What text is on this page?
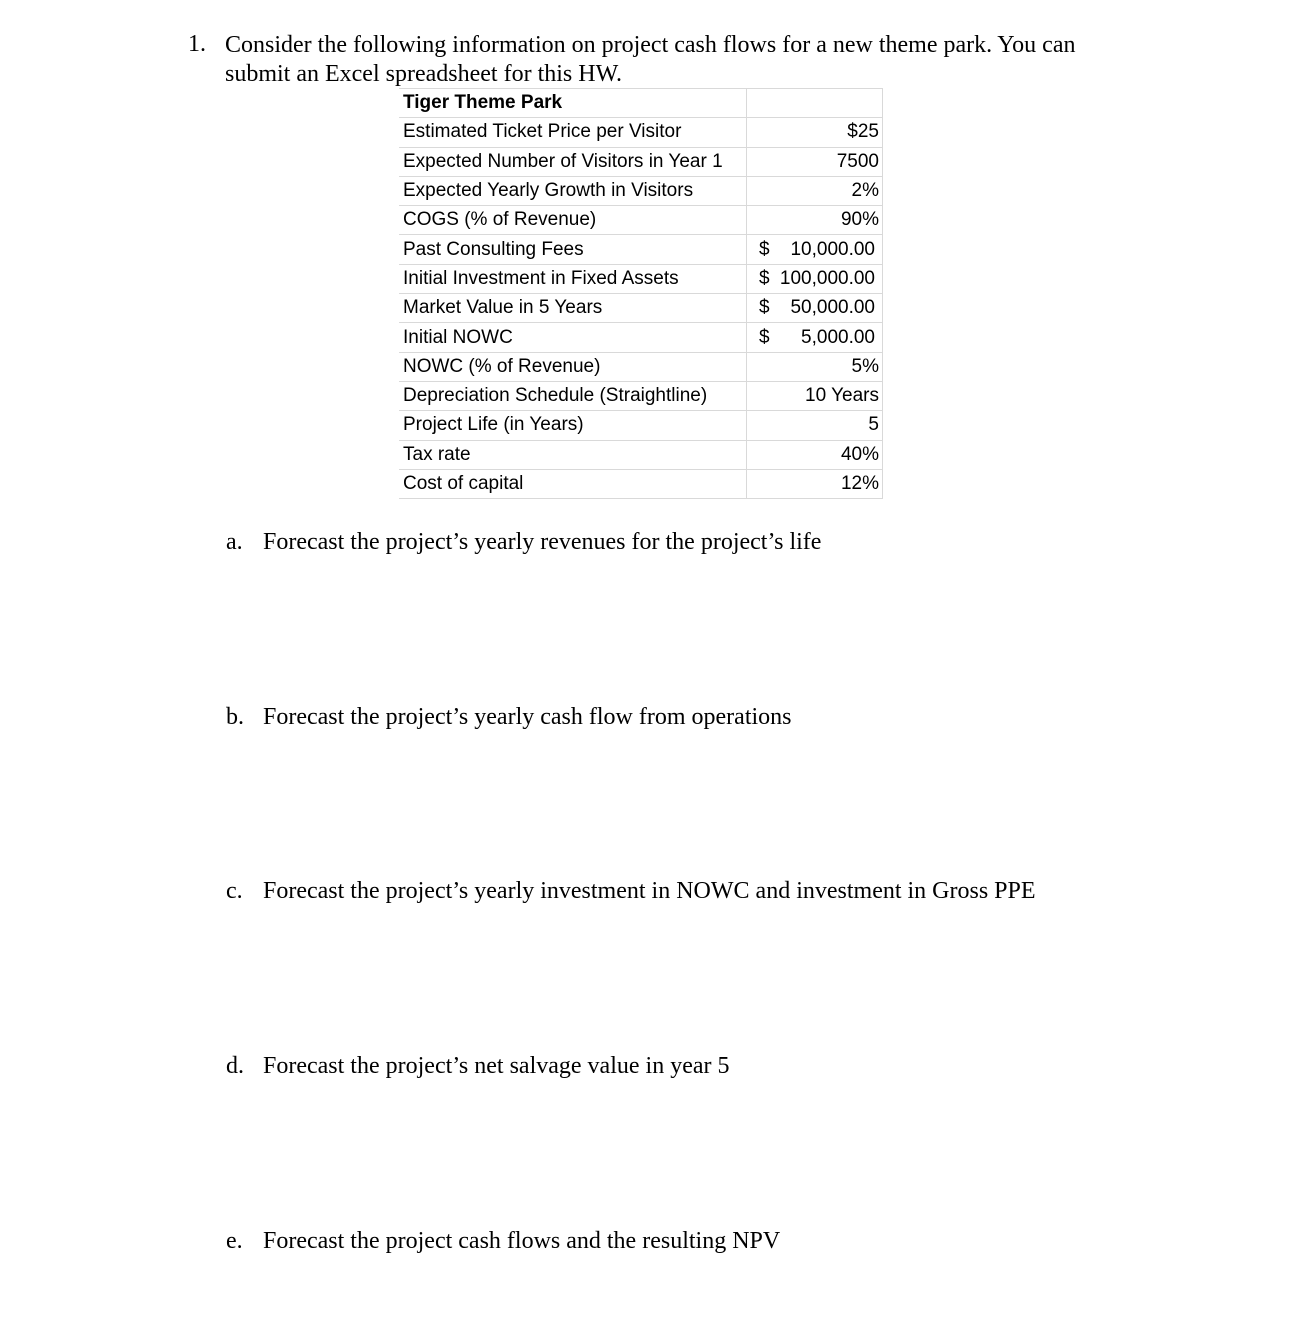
1. Consider the following information on project cash flows for a new theme park. You can submit an Excel spreadsheet for this HW.
Tiger Theme Park	
Estimated Ticket Price per Visitor	$25
Expected Number of Visitors in Year 1	7500
Expected Yearly Growth in Visitors	2%
COGS (% of Revenue)	90%
Past Consulting Fees	$ 10,000.00

Initial Investment in Fixed Assets	$ 100,000.00

Market Value in 5 Years	$ 50,000.00

Initial NOWC	$ 5,000.00

NOWC (% of Revenue)	5%
Depreciation Schedule (Straightline)	10 Years
Project Life (in Years)	5
Tax rate	40%
Cost of capital	12%
a. Forecast the project’s yearly revenues for the project’s life
b. Forecast the project’s yearly cash flow from operations
c. Forecast the project’s yearly investment in NOWC and investment in Gross PPE
d. Forecast the project’s net salvage value in year 5
e. Forecast the project cash flows and the resulting NPV
